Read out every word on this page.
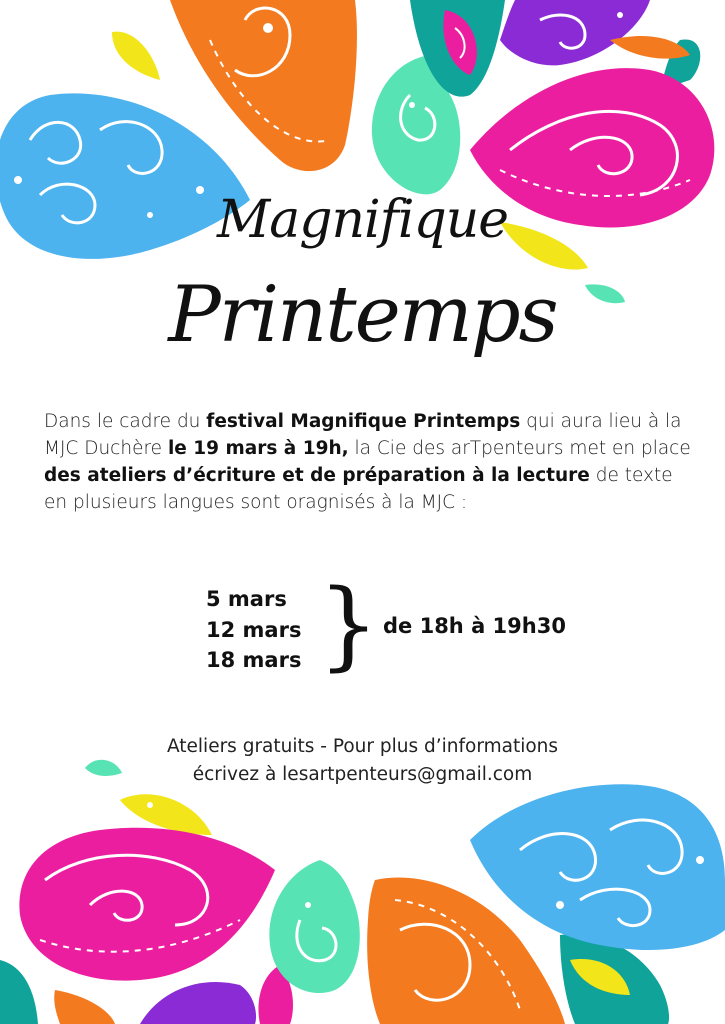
Magnifique
Printemps
Dans le cadre du festival Magnifique Printemps qui aura lieu à la MJC Duchère le 19 mars à 19h, la Cie des arTpenteurs met en place des ateliers d’écriture et de préparation à la lecture de texte en plusieurs langues sont oragnisés à la MJC :
5 mars
12 mars
18 mars } de 18h à 19h30
Ateliers gratuits - Pour plus d’informations
écrivez à lesartpenteurs@gmail.com
